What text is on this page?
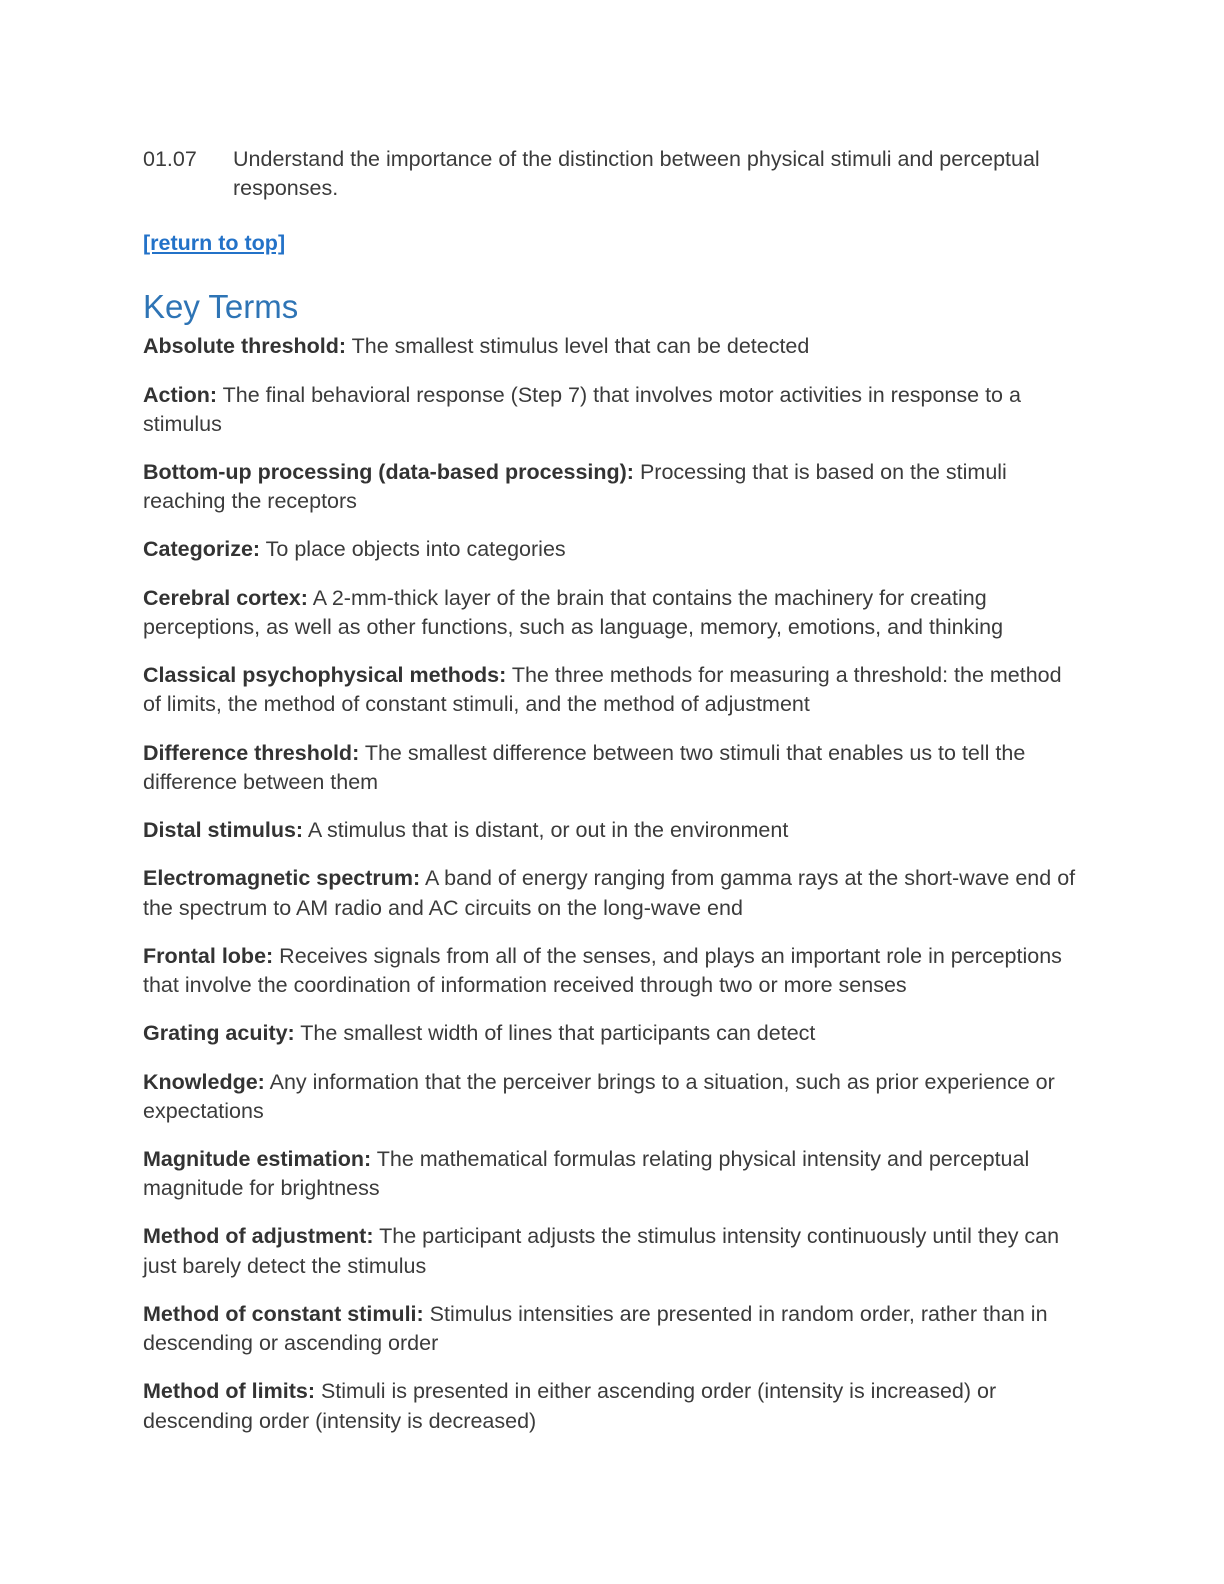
01.07	Understand the importance of the distinction between physical stimuli and perceptual responses.
[return to top]
Key Terms

Absolute threshold: The smallest stimulus level that can be detected

Action: The final behavioral response (Step 7) that involves motor activities in response to a stimulus

Bottom-up processing (data-based processing): Processing that is based on the stimuli reaching the receptors

Categorize: To place objects into categories

Cerebral cortex: A 2-mm-thick layer of the brain that contains the machinery for creating perceptions, as well as other functions, such as language, memory, emotions, and thinking

Classical psychophysical methods: The three methods for measuring a threshold: the method of limits, the method of constant stimuli, and the method of adjustment

Difference threshold: The smallest difference between two stimuli that enables us to tell the difference between them

Distal stimulus: A stimulus that is distant, or out in the environment

Electromagnetic spectrum: A band of energy ranging from gamma rays at the short-wave end of the spectrum to AM radio and AC circuits on the long-wave end

Frontal lobe: Receives signals from all of the senses, and plays an important role in perceptions that involve the coordination of information received through two or more senses

Grating acuity: The smallest width of lines that participants can detect

Knowledge: Any information that the perceiver brings to a situation, such as prior experience or expectations

Magnitude estimation: The mathematical formulas relating physical intensity and perceptual magnitude for brightness

Method of adjustment: The participant adjusts the stimulus intensity continuously until they can just barely detect the stimulus

Method of constant stimuli: Stimulus intensities are presented in random order, rather than in descending or ascending order

Method of limits: Stimuli is presented in either ascending order (intensity is increased) or descending order (intensity is decreased)
